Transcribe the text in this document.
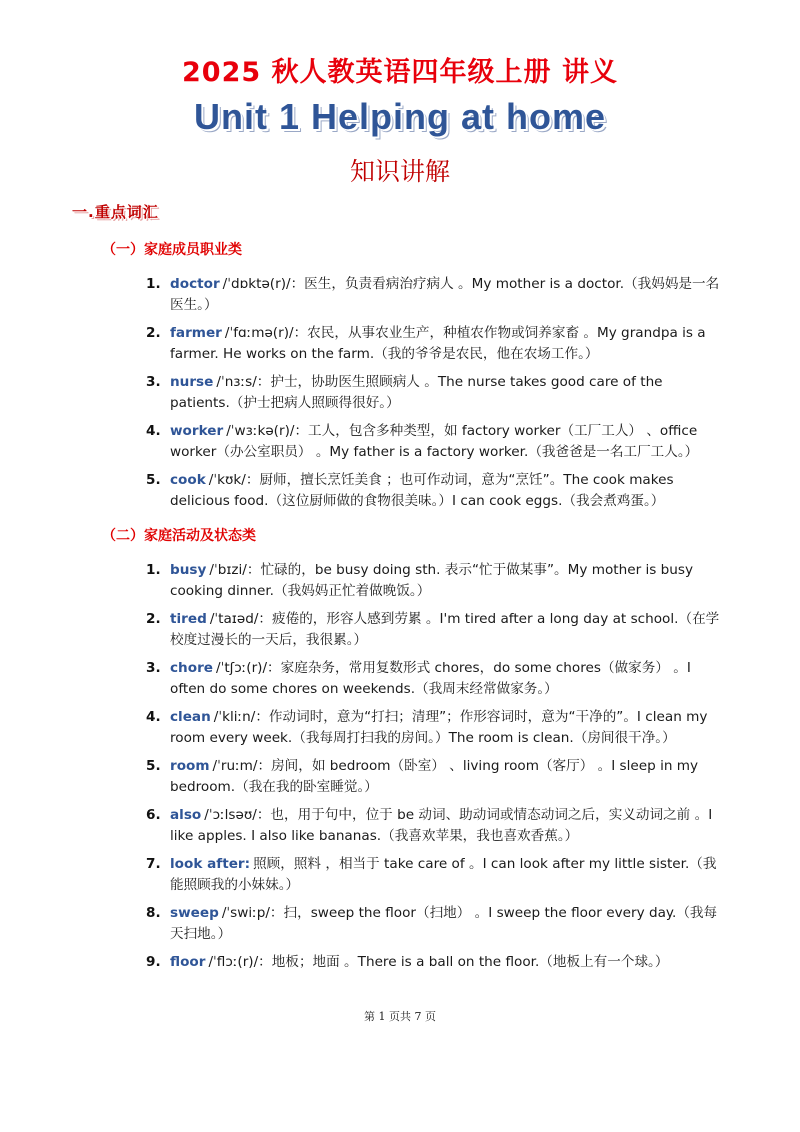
2025 秋人教英语四年级上册 讲义
Unit 1 Helping at home
知识讲解
一.重点词汇
（一）家庭成员职业类
1. doctor /ˈdɒktə(r)/：医生，负责看病治疗病人 。My mother is a doctor.（我妈妈是一名医生。）
2. farmer /ˈfɑːmə(r)/：农民，从事农业生产，种植农作物或饲养家畜 。My grandpa is a farmer. He works on the farm.（我的爷爷是农民，他在农场工作。）
3. nurse /ˈnɜːs/：护士，协助医生照顾病人 。The nurse takes good care of the patients.（护士把病人照顾得很好。）
4. worker /ˈwɜːkə(r)/：工人，包含多种类型，如 factory worker（工厂工人） 、office worker（办公室职员） 。My father is a factory worker.（我爸爸是一名工厂工人。）
5. cook /ˈkʊk/：厨师，擅长烹饪美食 ；也可作动词，意为“烹饪”。The cook makes delicious food.（这位厨师做的食物很美味。）I can cook eggs.（我会煮鸡蛋。）
（二）家庭活动及状态类
1. busy /ˈbɪzi/：忙碌的，be busy doing sth. 表示“忙于做某事”。My mother is busy cooking dinner.（我妈妈正忙着做晚饭。）
2. tired /ˈtaɪəd/：疲倦的，形容人感到劳累 。I'm tired after a long day at school.（在学校度过漫长的一天后，我很累。）
3. chore /ˈtʃɔː(r)/：家庭杂务，常用复数形式 chores，do some chores（做家务） 。I often do some chores on weekends.（我周末经常做家务。）
4. clean /ˈkliːn/：作动词时，意为“打扫；清理”；作形容词时，意为“干净的”。I clean my room every week.（我每周打扫我的房间。）The room is clean.（房间很干净。）
5. room /ˈruːm/：房间，如 bedroom（卧室） 、living room（客厅） 。I sleep in my bedroom.（我在我的卧室睡觉。）
6. also /ˈɔːlsəʊ/：也，用于句中，位于 be 动词、助动词或情态动词之后，实义动词之前 。I like apples. I also like bananas.（我喜欢苹果，我也喜欢香蕉。）
7. look after: 照顾，照料 ，相当于 take care of 。I can look after my little sister.（我能照顾我的小妹妹。）
8. sweep /ˈswiːp/：扫，sweep the floor（扫地） 。I sweep the floor every day.（我每天扫地。）
9. floor /ˈflɔː(r)/：地板；地面 。There is a ball on the floor.（地板上有一个球。）
第 1 页共 7 页
